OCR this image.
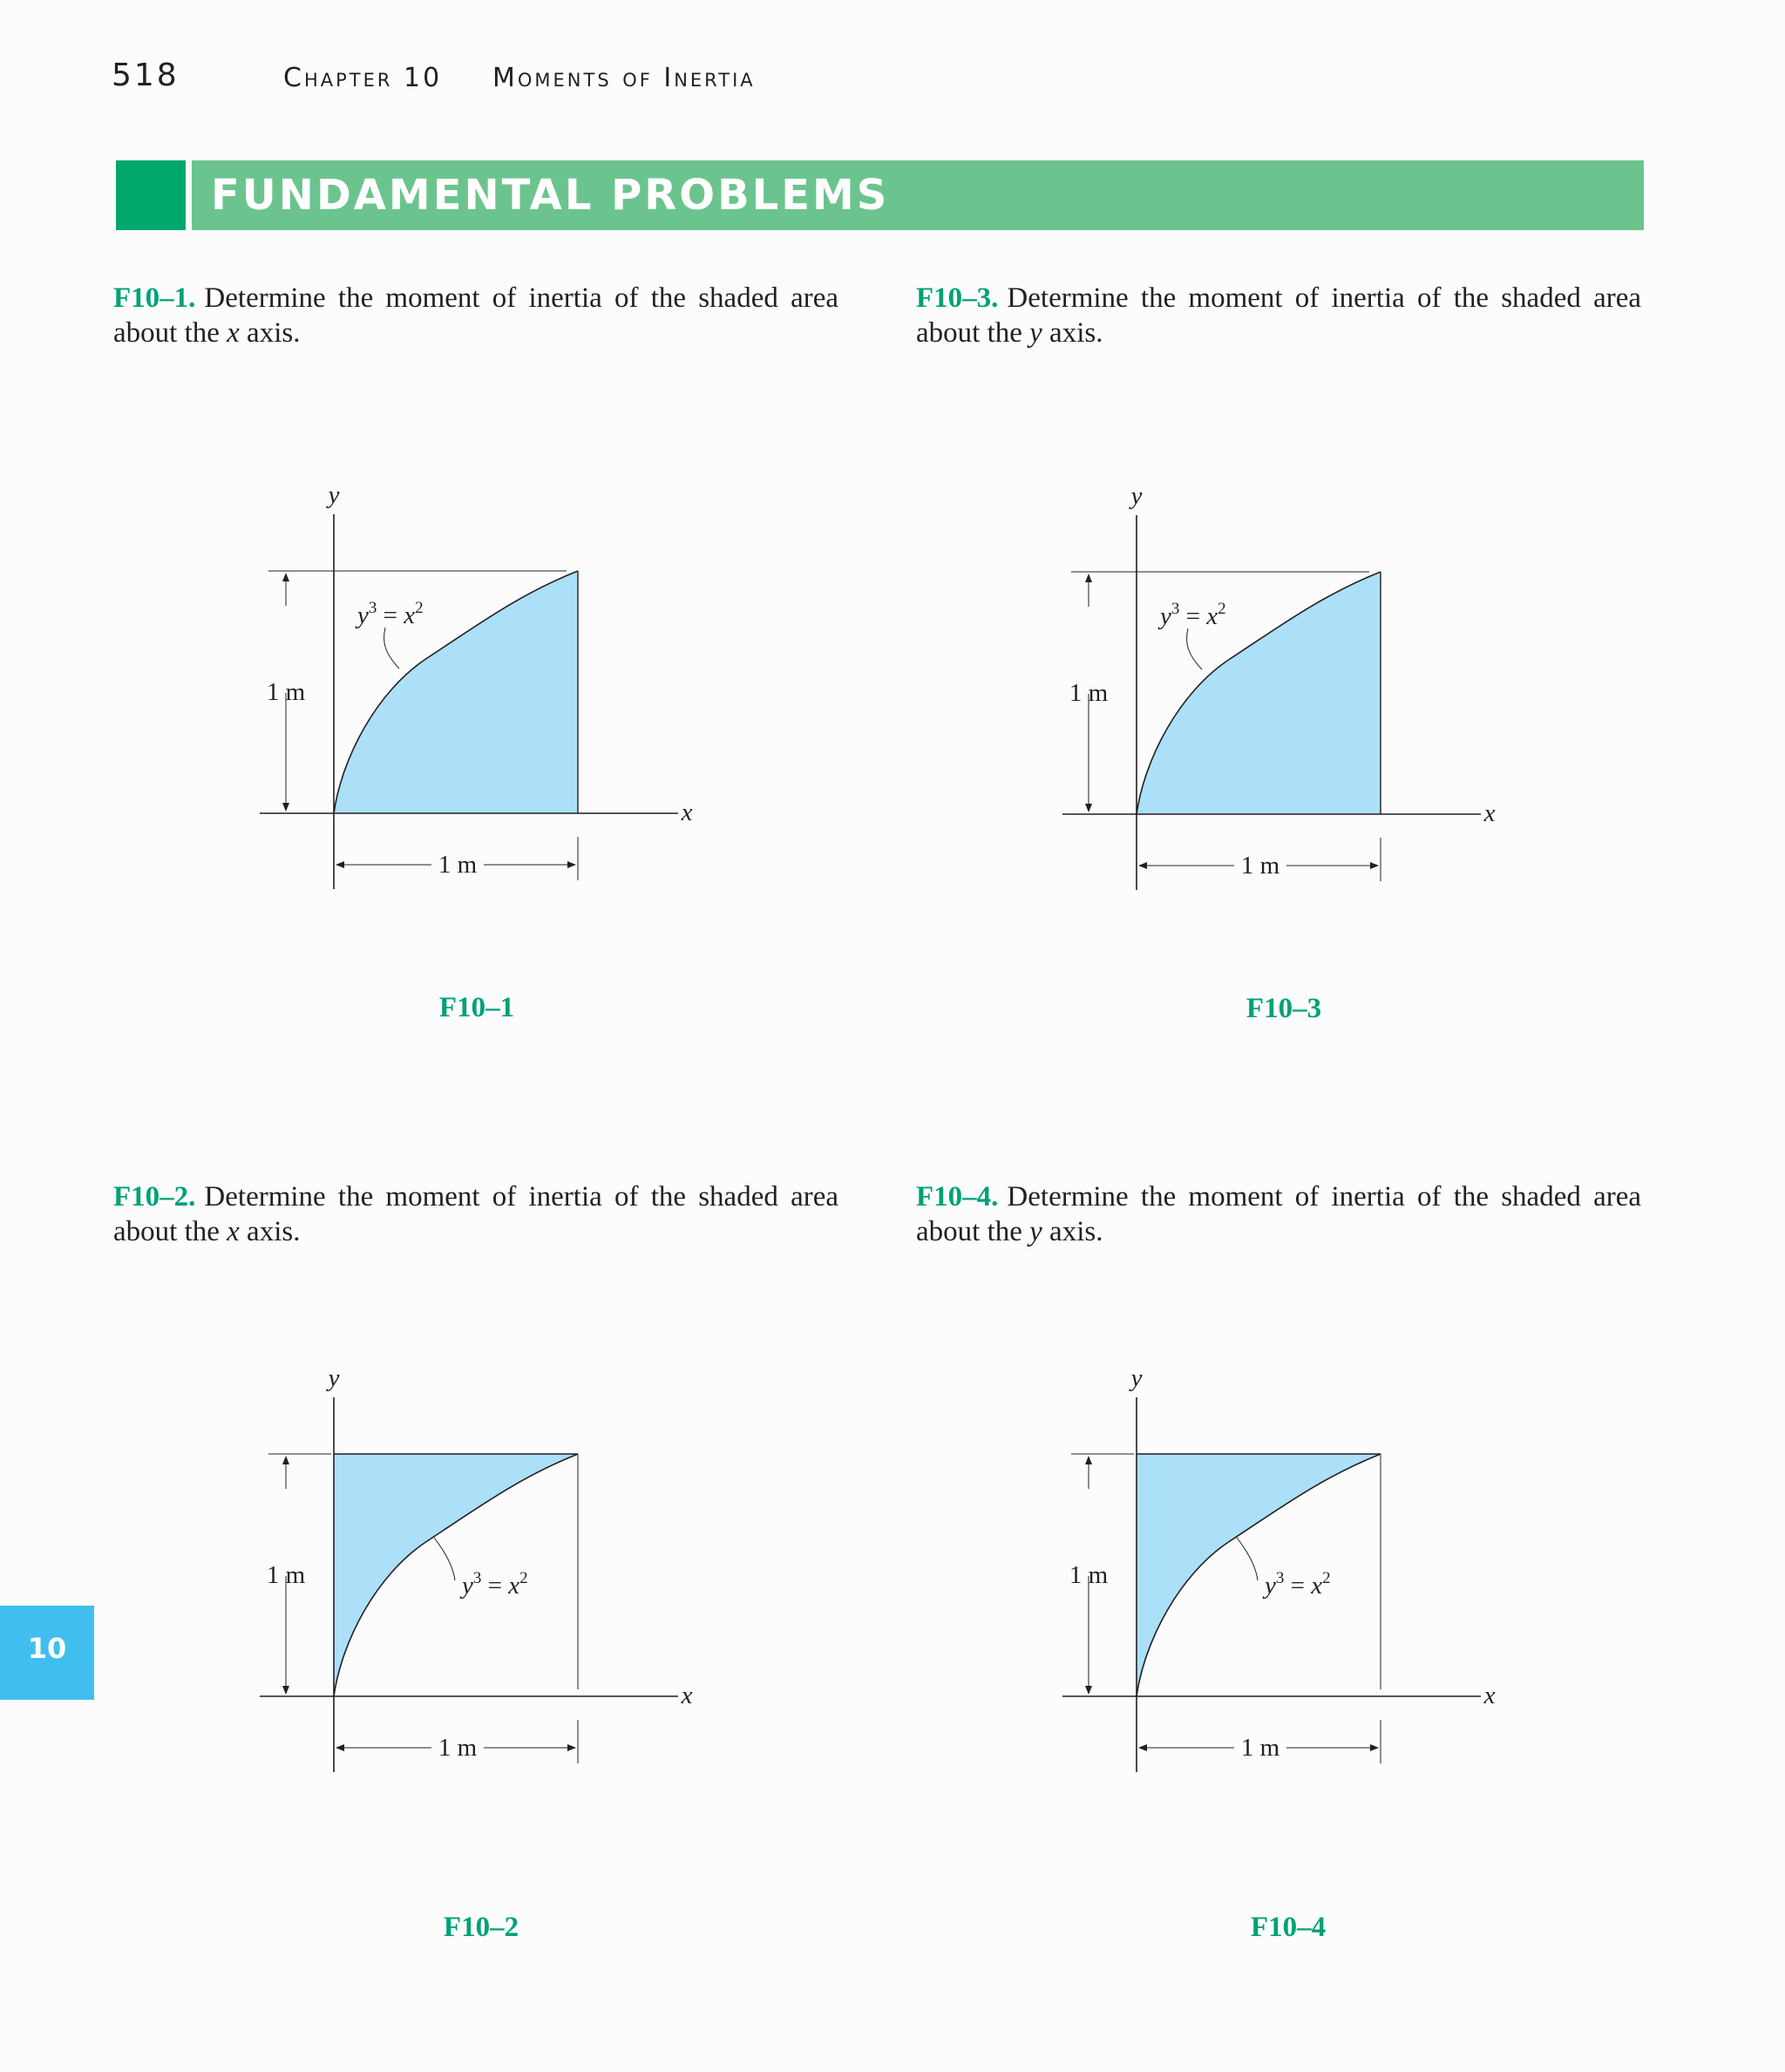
518	Chapter 10 Moments of Inertia
FUNDAMENTAL PROBLEMS
F10–1. Determine the moment of inertia of the shaded area about the x axis.
F10–3. Determine the moment of inertia of the shaded area about the y axis.
F10–2. Determine the moment of inertia of the shaded area about the x axis.
F10–4. Determine the moment of inertia of the shaded area about the y axis.
$y^3 = x^2$
1 m
1 m
x
y
$y^3 = x^2$
1 m
1 m
x
y
$y^3 = x^2$
1 m
1 m
x
y
$y^3 = x^2$
1 m
1 m
x
y
F10–1	F10–3
F10–2	F10–4
10
